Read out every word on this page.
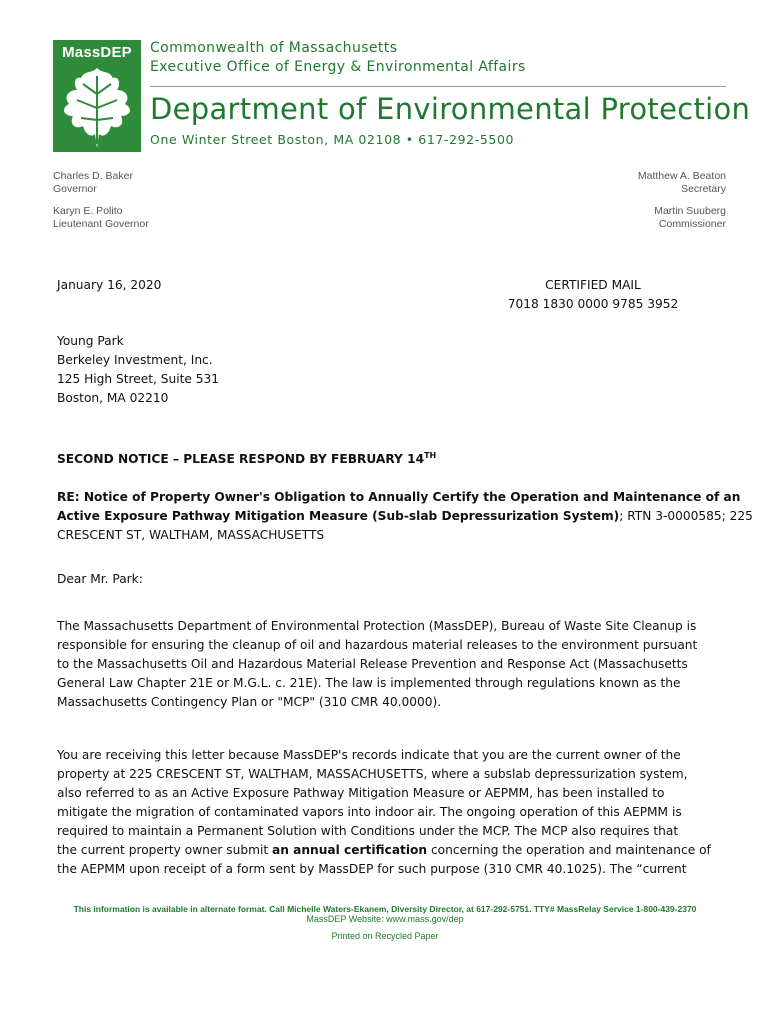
MassDEP	Commonwealth of Massachusetts
Executive Office of Energy & Environmental Affairs
Department of Environmental Protection
One Winter Street Boston, MA 02108 • 617-292-5500
Charles D. Baker
Governor
Karyn E. Polito
Lieutenant Governor
Matthew A. Beaton
Secretary
Martin Suuberg
Commissioner
January 16, 2020	CERTIFIED MAIL
7018 1830 0000 9785 3952
Young Park
Berkeley Investment, Inc.
125 High Street, Suite 531
Boston, MA 02210
SECOND NOTICE – PLEASE RESPOND BY FEBRUARY 14TH
RE: Notice of Property Owner's Obligation to Annually Certify the Operation and Maintenance of an
Active Exposure Pathway Mitigation Measure (Sub-slab Depressurization System); RTN 3-0000585; 225
CRESCENT ST, WALTHAM, MASSACHUSETTS
Dear Mr. Park:
The Massachusetts Department of Environmental Protection (MassDEP), Bureau of Waste Site Cleanup is
responsible for ensuring the cleanup of oil and hazardous material releases to the environment pursuant
to the Massachusetts Oil and Hazardous Material Release Prevention and Response Act (Massachusetts
General Law Chapter 21E or M.G.L. c. 21E). The law is implemented through regulations known as the
Massachusetts Contingency Plan or "MCP" (310 CMR 40.0000).
You are receiving this letter because MassDEP's records indicate that you are the current owner of the
property at 225 CRESCENT ST, WALTHAM, MASSACHUSETTS, where a subslab depressurization system,
also referred to as an Active Exposure Pathway Mitigation Measure or AEPMM, has been installed to
mitigate the migration of contaminated vapors into indoor air. The ongoing operation of this AEPMM is
required to maintain a Permanent Solution with Conditions under the MCP. The MCP also requires that
the current property owner submit an annual certification concerning the operation and maintenance of
the AEPMM upon receipt of a form sent by MassDEP for such purpose (310 CMR 40.1025). The “current
This information is available in alternate format. Call Michelle Waters-Ekanem, Diversity Director, at 617-292-5751. TTY# MassRelay Service 1-800-439-2370
MassDEP Website: www.mass.gov/dep
Printed on Recycled Paper
